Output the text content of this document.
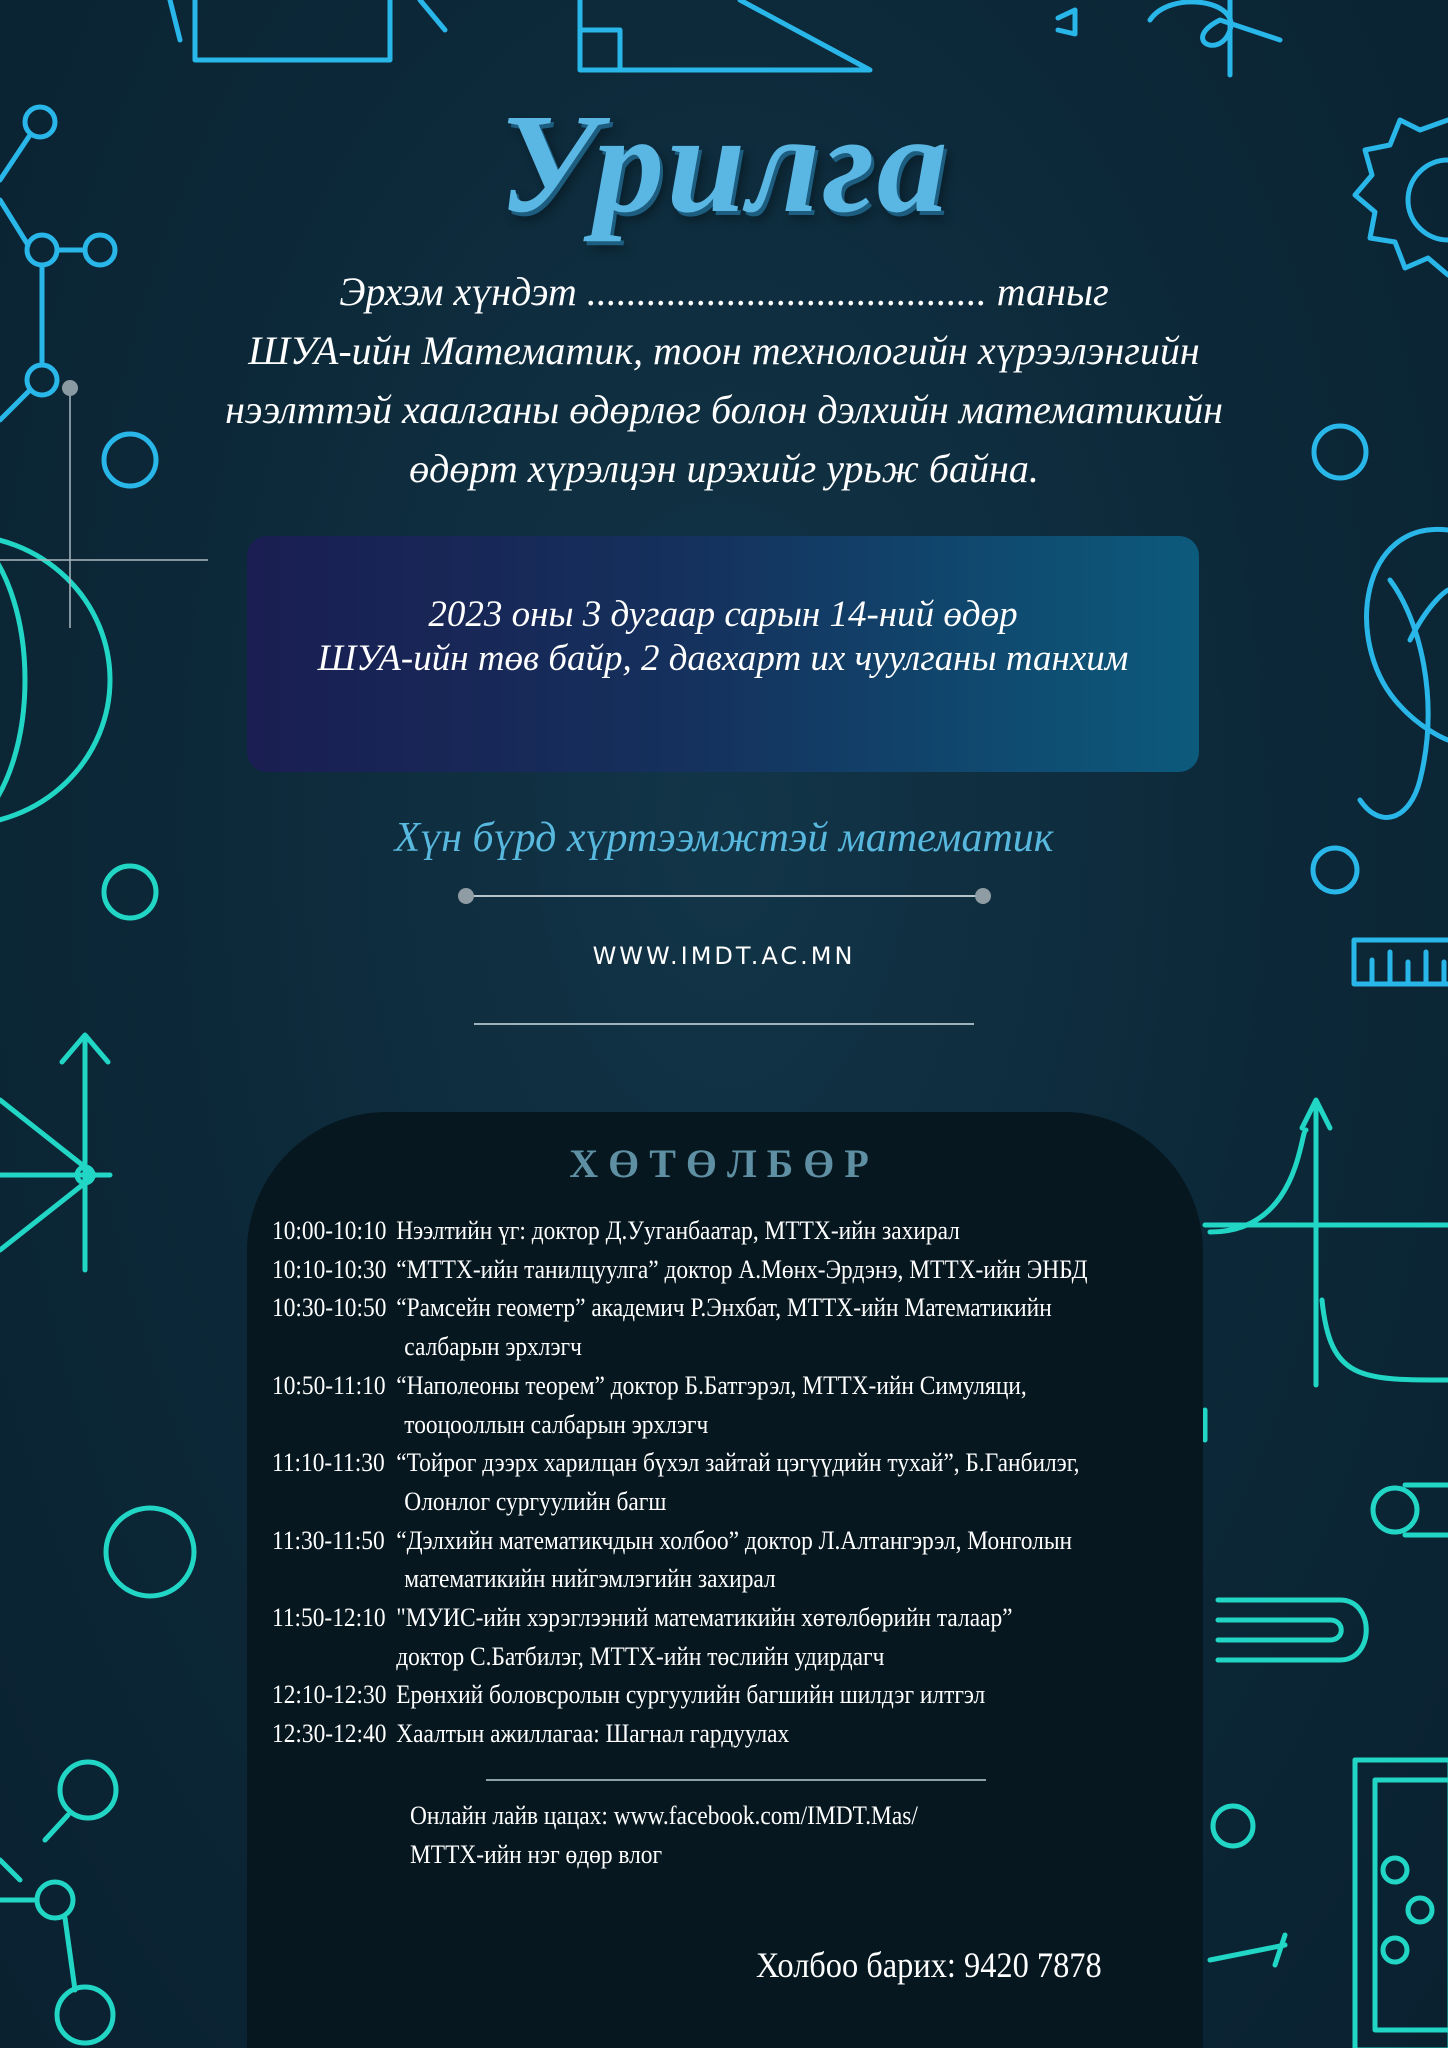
Урилга
Эрхэм хүндэт ........................................ таныг
ШУА-ийн Математик, тоон технологийн хүрээлэнгийн
нээлттэй хаалганы өдөрлөг болон дэлхийн математикийн
өдөрт хүрэлцэн ирэхийг урьж байна.
2023 оны 3 дугаар сарын 14-ний өдөр
ШУА-ийн төв байр, 2 давхарт их чуулганы танхим
Хүн бүрд хүртээмжтэй математик
WWW.IMDT.AC.MN
ХӨТӨЛБӨР
10:00-10:10 Нээлтийн үг: доктор Д.Ууганбаатар, МТТХ-ийн захирал
10:10-10:30 “МТТХ-ийн танилцуулга” доктор А.Мөнх-Эрдэнэ, МТТХ-ийн ЭНБД
10:30-10:50 “Рамсейн геометр” академич Р.Энхбат, МТТХ-ийн Математикийн
салбарын эрхлэгч
10:50-11:10 “Наполеоны теорем” доктор Б.Батгэрэл, МТТХ-ийн Симуляци,
тооцооллын салбарын эрхлэгч
11:10-11:30 “Тойрог дээрх харилцан бүхэл зайтай цэгүүдийн тухай”, Б.Ганбилэг,
Олонлог сургуулийн багш
11:30-11:50 “Дэлхийн математикчдын холбоо” доктор Л.Алтангэрэл, Монголын
математикийн нийгэмлэгийн захирал
11:50-12:10 "МУИС-ийн хэрэглээний математикийн хөтөлбөрийн талаар”
доктор С.Батбилэг, МТТХ-ийн төслийн удирдагч
12:10-12:30 Ерөнхий боловсролын сургуулийн багшийн шилдэг илтгэл
12:30-12:40 Хаалтын ажиллагаа: Шагнал гардуулах
Онлайн лайв цацах: www.facebook.com/IMDT.Mas/
МТТХ-ийн нэг өдөр влог
Холбоо барих: 9420 7878
